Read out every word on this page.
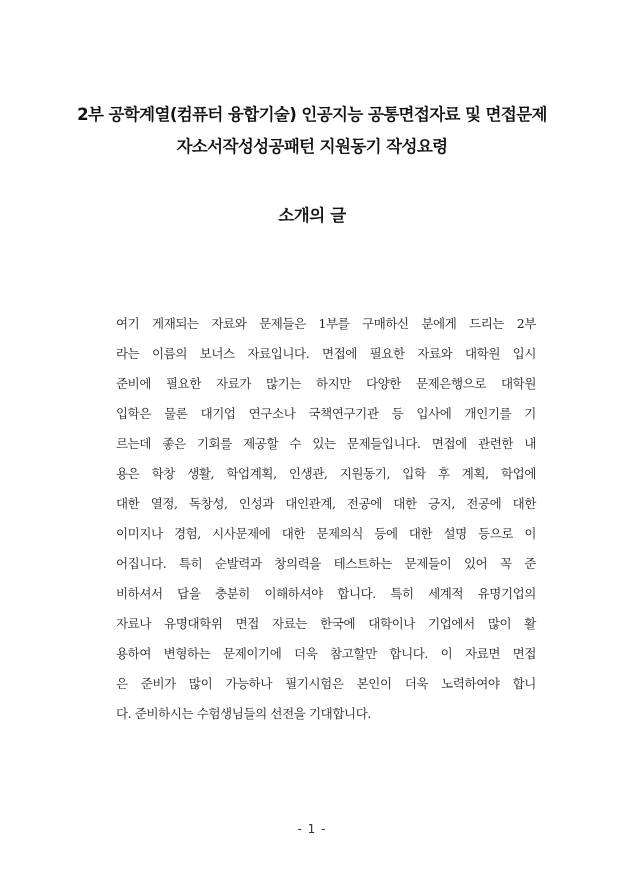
2부 공학계열(컴퓨터 융합기술) 인공지능 공통면접자료 및 면접문제
자소서작성성공패턴 지원동기 작성요령
소개의 글
여기 게재되는 자료와 문제들은 1부를 구매하신 분에게 드리는 2부
라는 이름의 보너스 자료입니다. 면접에 필요한 자료와 대학원 입시
준비에 필요한 자료가 많기는 하지만 다양한 문제은행으로 대학원
입학은 물론 대기업 연구소나 국책연구기관 등 입사에 개인기를 기
르는데 좋은 기회를 제공할 수 있는 문제들입니다. 면접에 관련한 내
용은 학창 생활, 학업계획, 인생관, 지원동기, 입학 후 계획, 학업에
대한 열정, 독창성, 인성과 대인관계, 전공에 대한 긍지, 전공에 대한
이미지나 경험, 시사문제에 대한 문제의식 등에 대한 설명 등으로 이
어집니다. 특히 순발력과 창의력을 테스트하는 문제들이 있어 꼭 준
비하셔서 답을 충분히 이해하셔야 합니다. 특히 세계적 유명기업의
자료나 유명대학위 면접 자료는 한국에 대학이나 기업에서 많이 활
용하여 변형하는 문제이기에 더욱 참고할만 합니다. 이 자료면 면접
은 준비가 많이 가능하나 필기시험은 본인이 더욱 노력하여야 합니
다. 준비하시는 수험생님들의 선전을 기대합니다.
- 1 -
